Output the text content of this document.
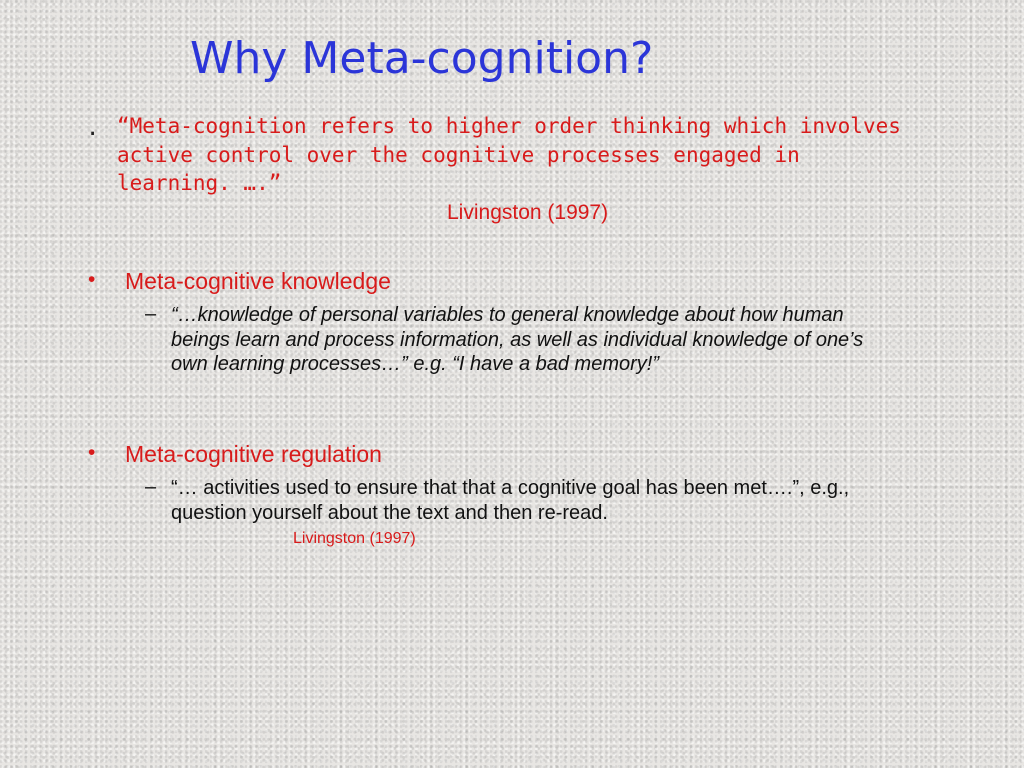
Why Meta-cognition?
. “Meta-cognition refers to higher order thinking which involves active control over the cognitive processes engaged in learning. ….”

Livingston (1997)
• Meta-cognitive knowledge
– “…knowledge of personal variables to general knowledge about how human beings learn and process information, as well as individual knowledge of one’s own learning processes…” e.g. “I have a bad memory!”

• Meta-cognitive regulation
– “… activities used to ensure that that a cognitive goal has been met….”, e.g., question yourself about the text and then re-read.

Livingston (1997)
